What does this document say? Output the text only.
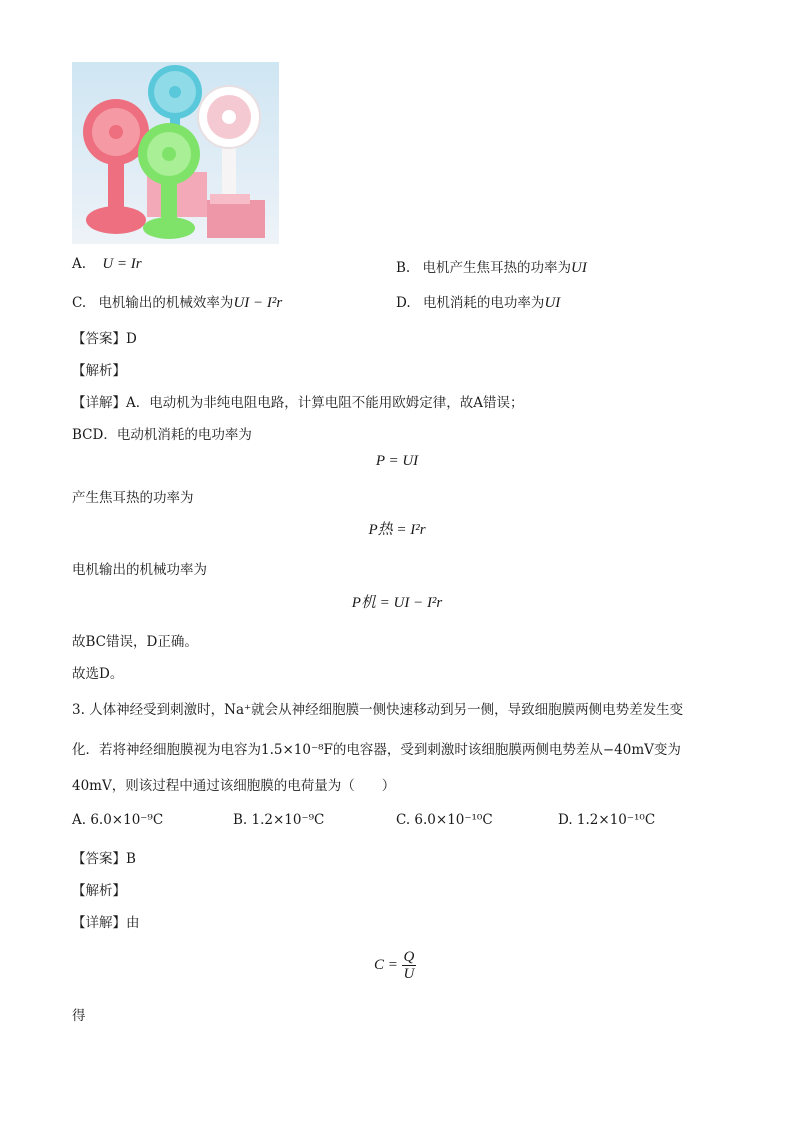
A. U = Ir	B. 电机产生焦耳热的功率为UI
C. 电机输出的机械效率为UI − I²r	D. 电机消耗的电功率为UI
【答案】D
【解析】
【详解】A．电动机为非纯电阻电路，计算电阻不能用欧姆定律，故A错误；
BCD．电动机消耗的电功率为
P = UI
产生焦耳热的功率为
P热 = I²r
电机输出的机械功率为
P机 = UI − I²r
故BC错误，D正确。
故选D。
3. 人体神经受到刺激时，Na⁺就会从神经细胞膜一侧快速移动到另一侧，导致细胞膜两侧电势差发生变
化．若将神经细胞膜视为电容为1.5×10⁻⁸F的电容器，受到刺激时该细胞膜两侧电势差从−40mV变为
40mV，则该过程中通过该细胞膜的电荷量为（　　）
A. 6.0×10⁻⁹C	B. 1.2×10⁻⁹C	C. 6.0×10⁻¹⁰C	D. 1.2×10⁻¹⁰C
【答案】B
【解析】
【详解】由
C = Q
U
得
